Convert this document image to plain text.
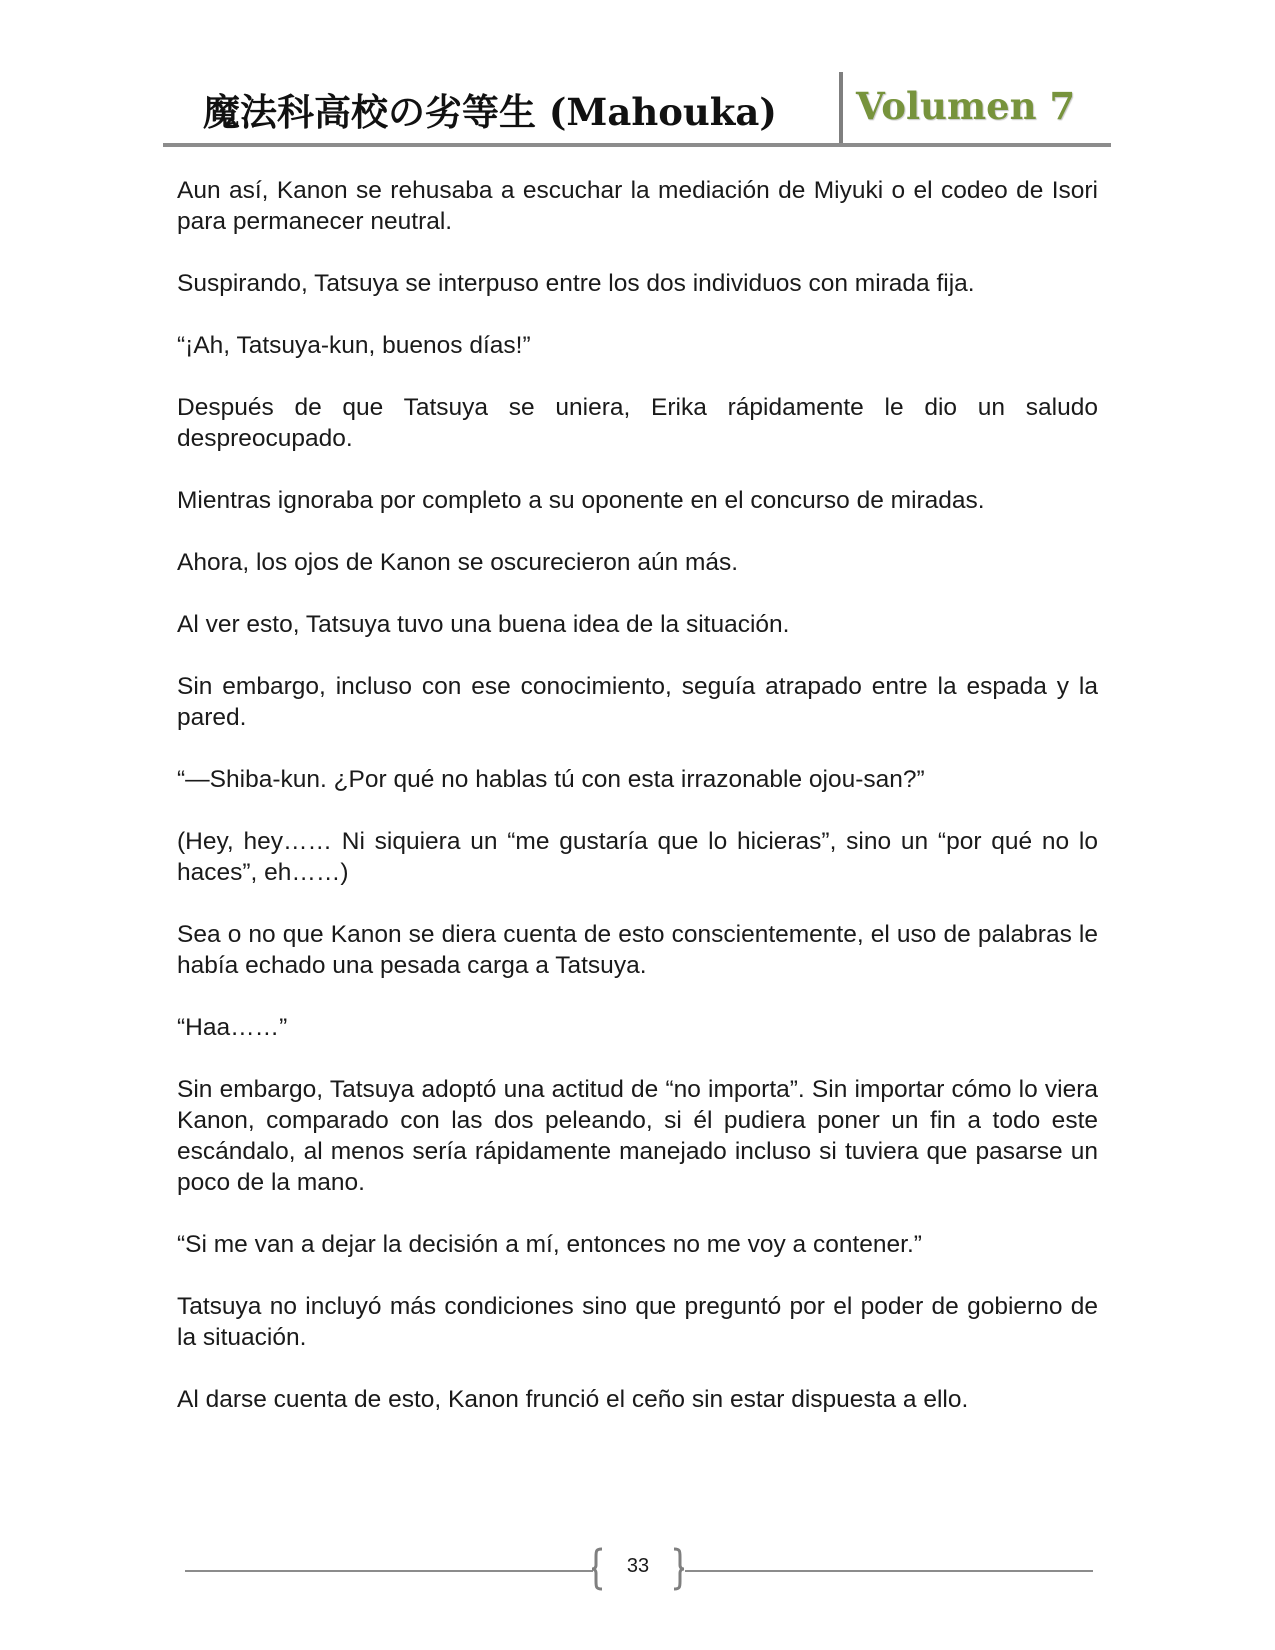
魔法科高校の劣等生 (Mahouka) Volumen 7

Aun así, Kanon se rehusaba a escuchar la mediación de Miyuki o el codeo de Isori para permanecer neutral.

Suspirando, Tatsuya se interpuso entre los dos individuos con mirada fija.

“¡Ah, Tatsuya-kun, buenos días!”

Después de que Tatsuya se uniera, Erika rápidamente le dio un saludo despreocupado.

Mientras ignoraba por completo a su oponente en el concurso de miradas.

Ahora, los ojos de Kanon se oscurecieron aún más.

Al ver esto, Tatsuya tuvo una buena idea de la situación.

Sin embargo, incluso con ese conocimiento, seguía atrapado entre la espada y la pared.

“—Shiba-kun. ¿Por qué no hablas tú con esta irrazonable ojou-san?”

(Hey, hey…… Ni siquiera un “me gustaría que lo hicieras”, sino un “por qué no lo haces”, eh……)

Sea o no que Kanon se diera cuenta de esto conscientemente, el uso de palabras le había echado una pesada carga a Tatsuya.

“Haa……”

Sin embargo, Tatsuya adoptó una actitud de “no importa”. Sin importar cómo lo viera Kanon, comparado con las dos peleando, si él pudiera poner un fin a todo este escándalo, al menos sería rápidamente manejado incluso si tuviera que pasarse un poco de la mano.

“Si me van a dejar la decisión a mí, entonces no me voy a contener.”

Tatsuya no incluyó más condiciones sino que preguntó por el poder de gobierno de la situación.

Al darse cuenta de esto, Kanon frunció el ceño sin estar dispuesta a ello.

33
